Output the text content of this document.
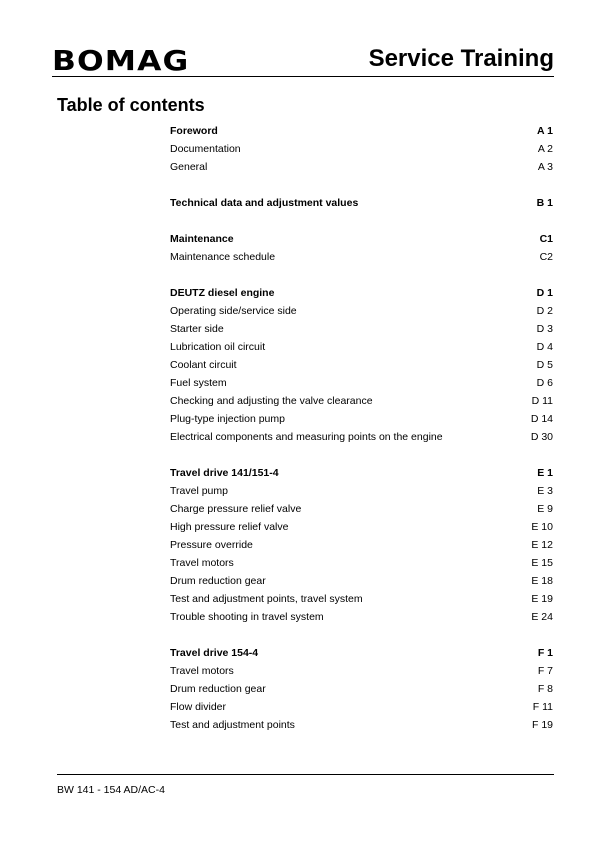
BOMAG	Service Training
Table of contents
Foreword	A 1
Documentation	A 2
General	A 3
Technical data and adjustment values	B 1
Maintenance	C1
Maintenance schedule	C2
DEUTZ diesel engine	D 1
Operating side/service side	D 2
Starter side	D 3
Lubrication oil circuit	D 4
Coolant circuit	D 5
Fuel system	D 6
Checking and adjusting the valve clearance	D 11
Plug-type injection pump	D 14
Electrical components and measuring points on the engine	D 30
Travel drive 141/151-4	E 1
Travel pump	E 3
Charge pressure relief valve	E 9
High pressure relief valve	E 10
Pressure override	E 12
Travel motors	E 15
Drum reduction gear	E 18
Test and adjustment points, travel system	E 19
Trouble shooting in travel system	E 24
Travel drive 154-4	F 1
Travel motors	F 7
Drum reduction gear	F 8
Flow divider	F 11
Test and adjustment points	F 19
BW 141 - 154 AD/AC-4
